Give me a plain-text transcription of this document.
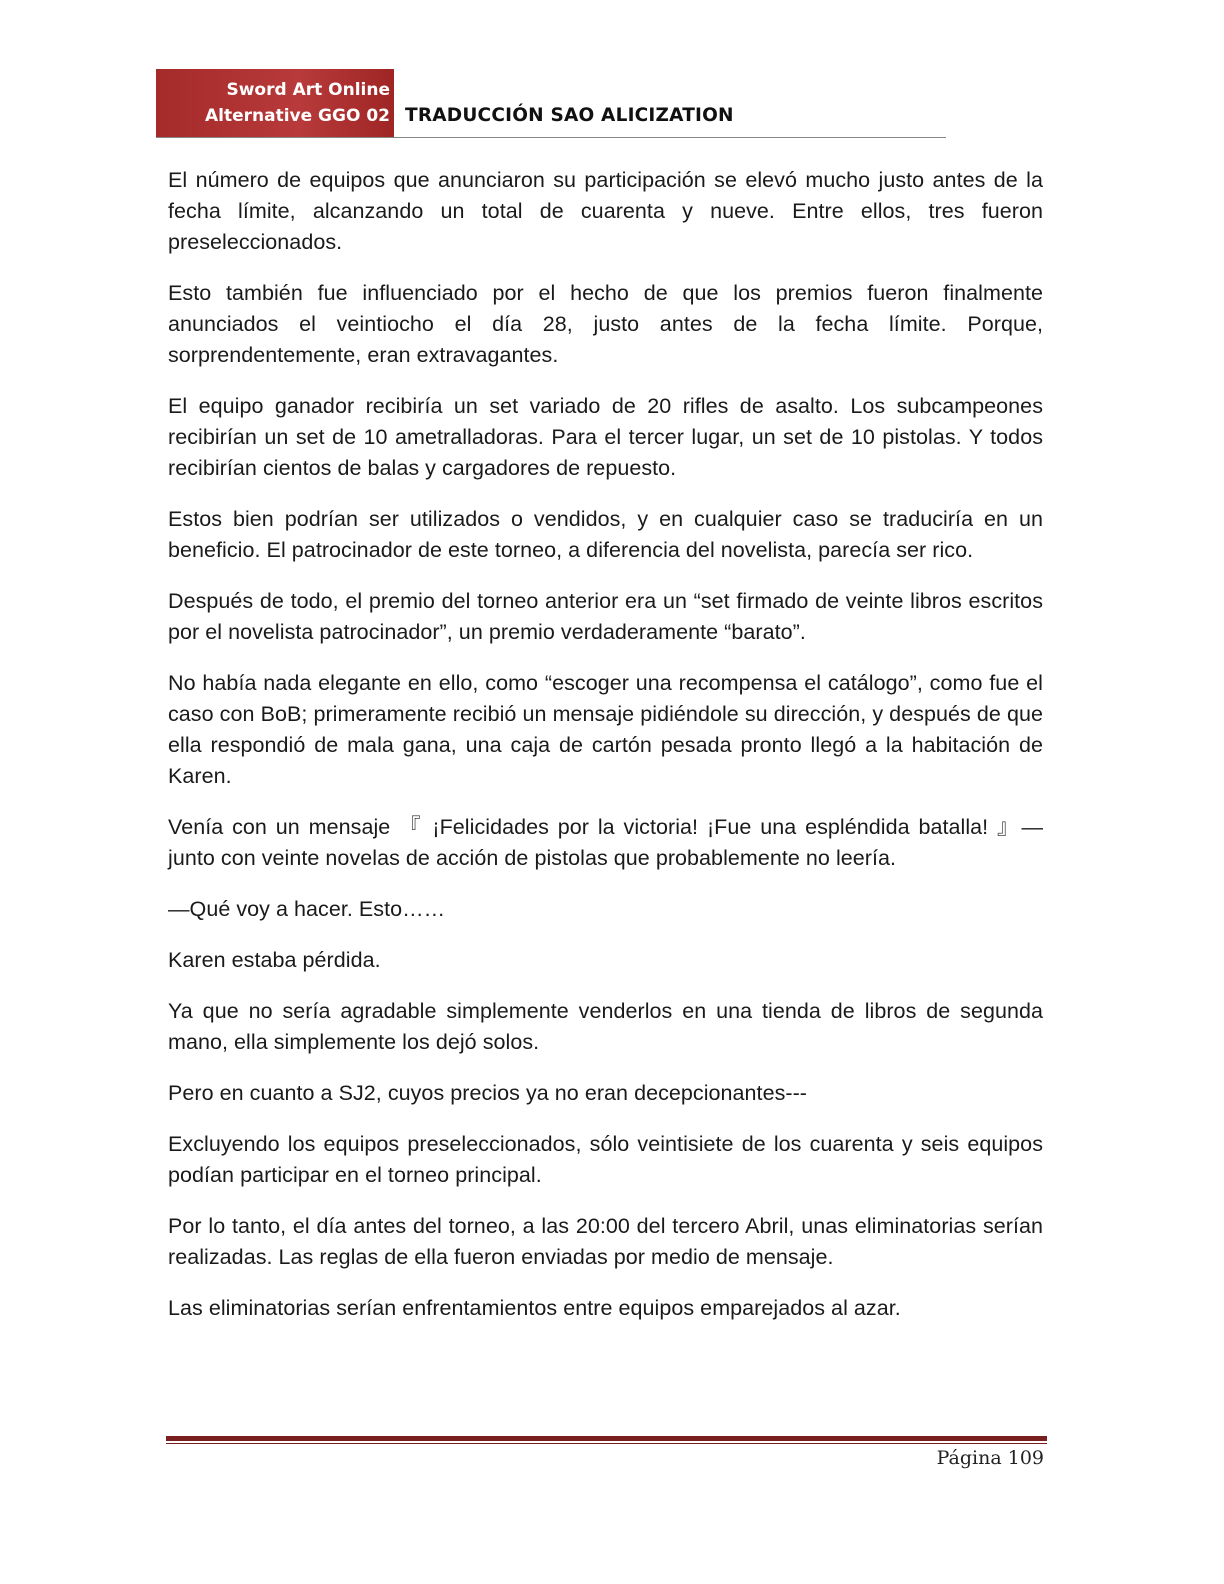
Sword Art Online
Alternative GGO 02 TRADUCCIÓN SAO ALICIZATION

El número de equipos que anunciaron su participación se elevó mucho justo antes de la fecha límite, alcanzando un total de cuarenta y nueve. Entre ellos, tres fueron preseleccionados.

Esto también fue influenciado por el hecho de que los premios fueron finalmente anunciados el veintiocho el día 28, justo antes de la fecha límite. Porque, sorprendentemente, eran extravagantes.

El equipo ganador recibiría un set variado de 20 rifles de asalto. Los subcampeones recibirían un set de 10 ametralladoras. Para el tercer lugar, un set de 10 pistolas. Y todos recibirían cientos de balas y cargadores de repuesto.

Estos bien podrían ser utilizados o vendidos, y en cualquier caso se traduciría en un beneficio. El patrocinador de este torneo, a diferencia del novelista, parecía ser rico.

Después de todo, el premio del torneo anterior era un “set firmado de veinte libros escritos por el novelista patrocinador”, un premio verdaderamente “barato”.

No había nada elegante en ello, como “escoger una recompensa el catálogo”, como fue el caso con BoB; primeramente recibió un mensaje pidiéndole su dirección, y después de que ella respondió de mala gana, una caja de cartón pesada pronto llegó a la habitación de Karen.

Venía con un mensaje 『 ¡Felicidades por la victoria! ¡Fue una espléndida batalla! 』— junto con veinte novelas de acción de pistolas que probablemente no leería.

—Qué voy a hacer. Esto……

Karen estaba pérdida.

Ya que no sería agradable simplemente venderlos en una tienda de libros de segunda mano, ella simplemente los dejó solos.

Pero en cuanto a SJ2, cuyos precios ya no eran decepcionantes---

Excluyendo los equipos preseleccionados, sólo veintisiete de los cuarenta y seis equipos podían participar en el torneo principal.

Por lo tanto, el día antes del torneo, a las 20:00 del tercero Abril, unas eliminatorias serían realizadas. Las reglas de ella fueron enviadas por medio de mensaje.

Las eliminatorias serían enfrentamientos entre equipos emparejados al azar.

Página 109
